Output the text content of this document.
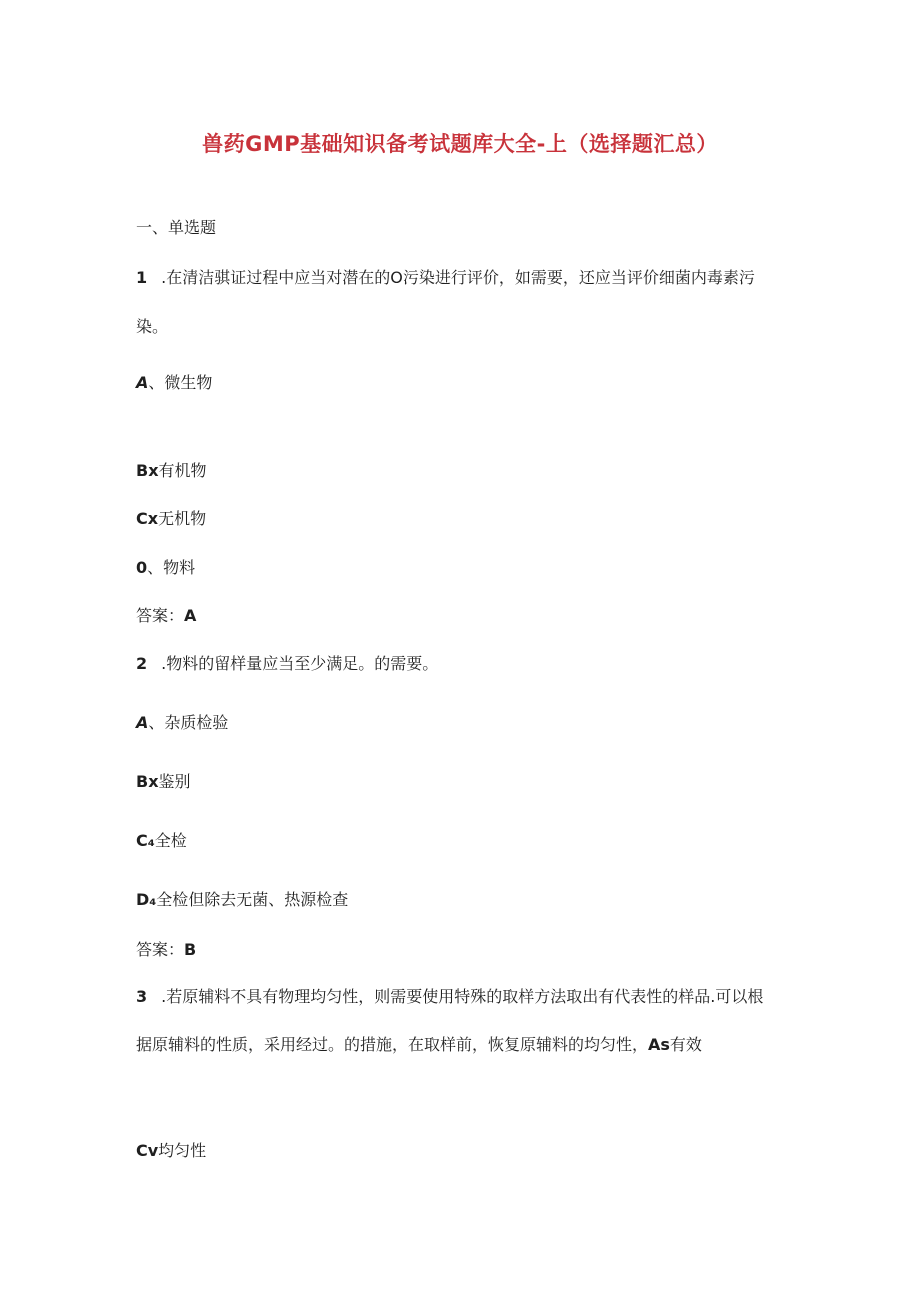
兽药GMP基础知识备考试题库大全-上（选择题汇总）
一、单选题
1 .在清洁骐证过程中应当对潜在的O污染进行评价，如需要，还应当评价细菌内毒素污
染。
A、微生物
Bx有机物
Cx无机物
0、物料
答案：A
2 .物料的留样量应当至少满足。的需要。
A、杂质检验
Bx鉴别
C₄全检
D₄全检但除去无菌、热源检查
答案：B
3 .若原辅料不具有物理均匀性，则需要使用特殊的取样方法取出有代表性的样品.可以根
据原辅料的性质，采用经过。的措施，在取样前，恢复原辅料的均匀性，As有效
Cv均匀性
